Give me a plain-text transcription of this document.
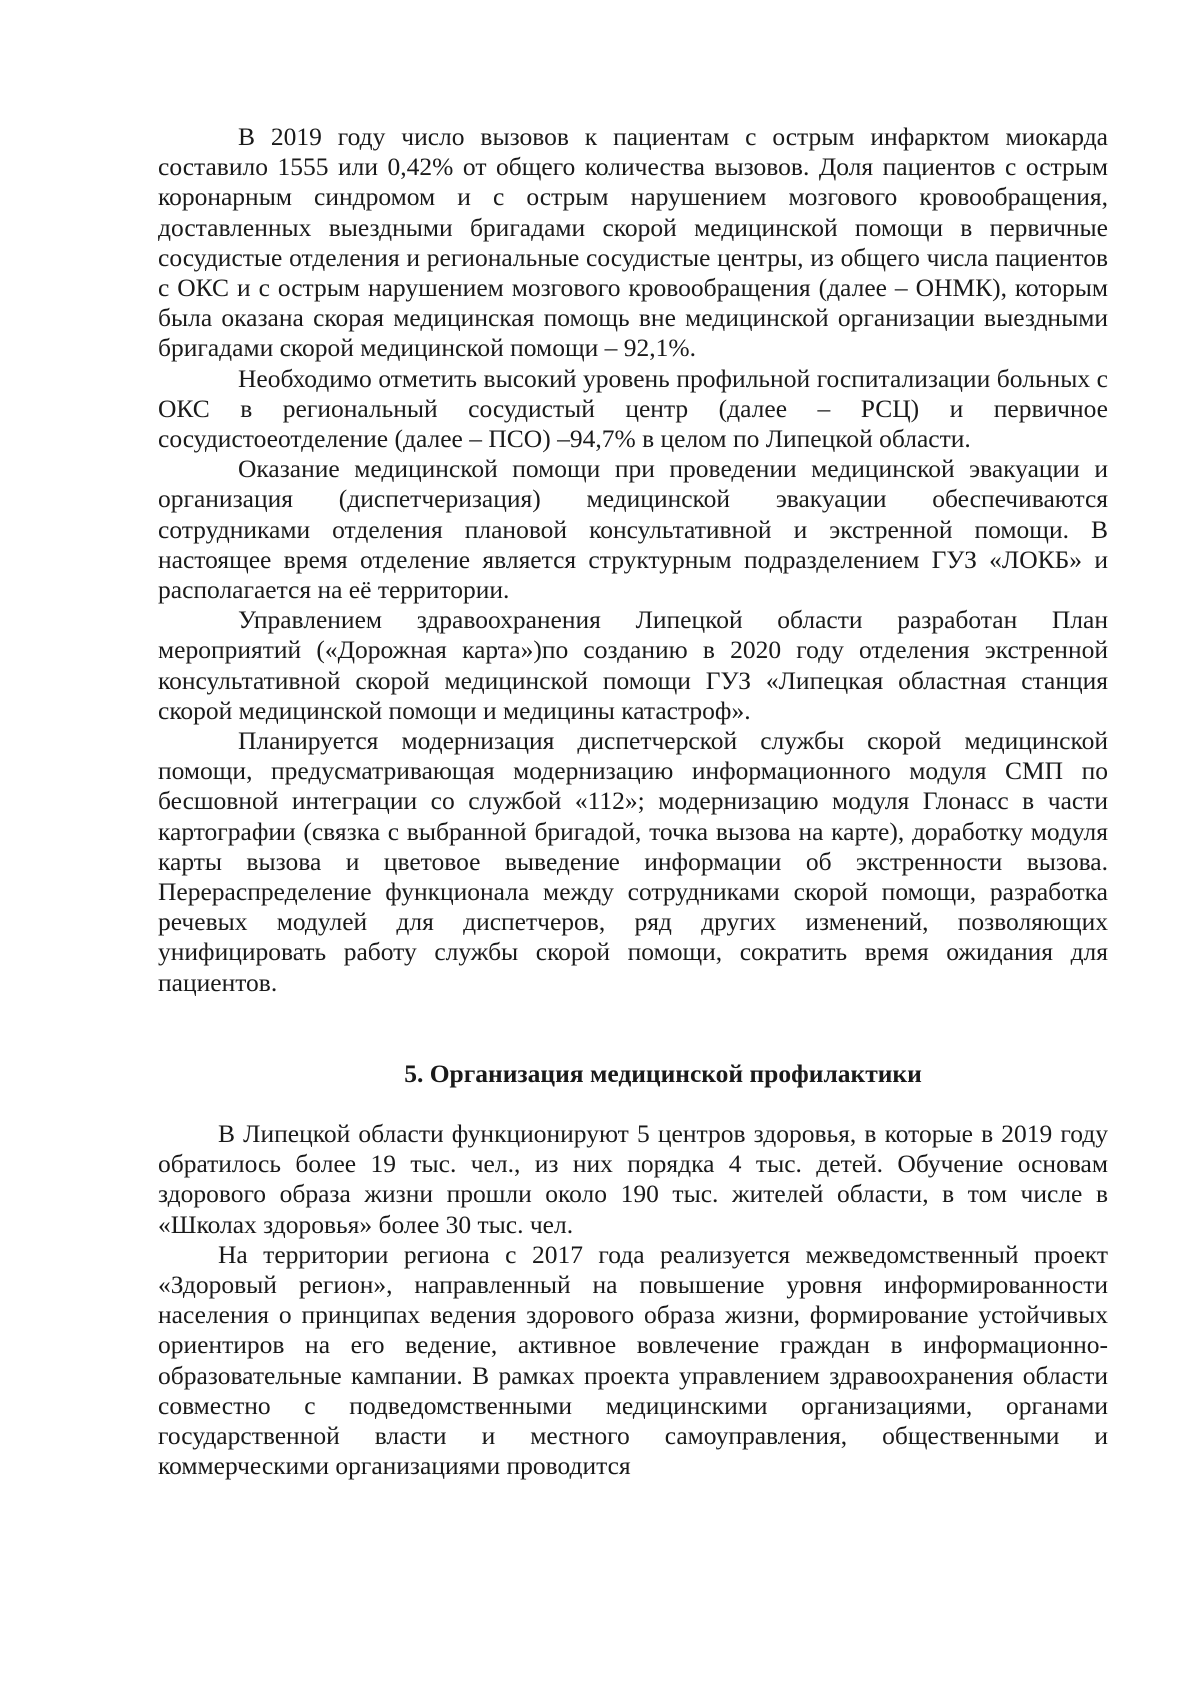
В 2019 году число вызовов к пациентам с острым инфарктом миокарда составило 1555 или 0,42% от общего количества вызовов. Доля пациентов с острым коронарным синдромом и с острым нарушением мозгового кровообращения, доставленных выездными бригадами скорой медицинской помощи в первичные сосудистые отделения и региональные сосудистые центры, из общего числа пациентов с ОКС и с острым нарушением мозгового кровообращения (далее – ОНМК), которым была оказана скорая медицинская помощь вне медицинской организации выездными бригадами скорой медицинской помощи – 92,1%.

Необходимо отметить высокий уровень профильной госпитализации больных с ОКС в региональный сосудистый центр (далее – РСЦ) и первичное сосудистоеотделение (далее – ПСО) –94,7% в целом по Липецкой области.

Оказание медицинской помощи при проведении медицинской эвакуации и организация (диспетчеризация) медицинской эвакуации обеспечиваются сотрудниками отделения плановой консультативной и экстренной помощи. В настоящее время отделение является структурным подразделением ГУЗ «ЛОКБ» и располагается на её территории.

Управлением здравоохранения Липецкой области разработан План мероприятий («Дорожная карта»)по созданию в 2020 году отделения экстренной консультативной скорой медицинской помощи ГУЗ «Липецкая областная станция скорой медицинской помощи и медицины катастроф».

Планируется модернизация диспетчерской службы скорой медицинской помощи, предусматривающая модернизацию информационного модуля СМП по бесшовной интеграции со службой «112»; модернизацию модуля Глонасс в части картографии (связка с выбранной бригадой, точка вызова на карте), доработку модуля карты вызова и цветовое выведение информации об экстренности вызова. Перераспределение функционала между сотрудниками скорой помощи, разработка речевых модулей для диспетчеров, ряд других изменений, позволяющих унифицировать работу службы скорой помощи, сократить время ожидания для пациентов.

5. Организация медицинской профилактики

В Липецкой области функционируют 5 центров здоровья, в которые в 2019 году обратилось более 19 тыс. чел., из них порядка 4 тыс. детей. Обучение основам здорового образа жизни прошли около 190 тыс. жителей области, в том числе в «Школах здоровья» более 30 тыс. чел.

На территории региона с 2017 года реализуется межведомственный проект «Здоровый регион», направленный на повышение уровня информированности населения о принципах ведения здорового образа жизни, формирование устойчивых ориентиров на его ведение, активное вовлечение граждан в информационно-образовательные кампании. В рамках проекта управлением здравоохранения области совместно с подведомственными медицинскими организациями, органами государственной власти и местного самоуправления, общественными и коммерческими организациями проводится
